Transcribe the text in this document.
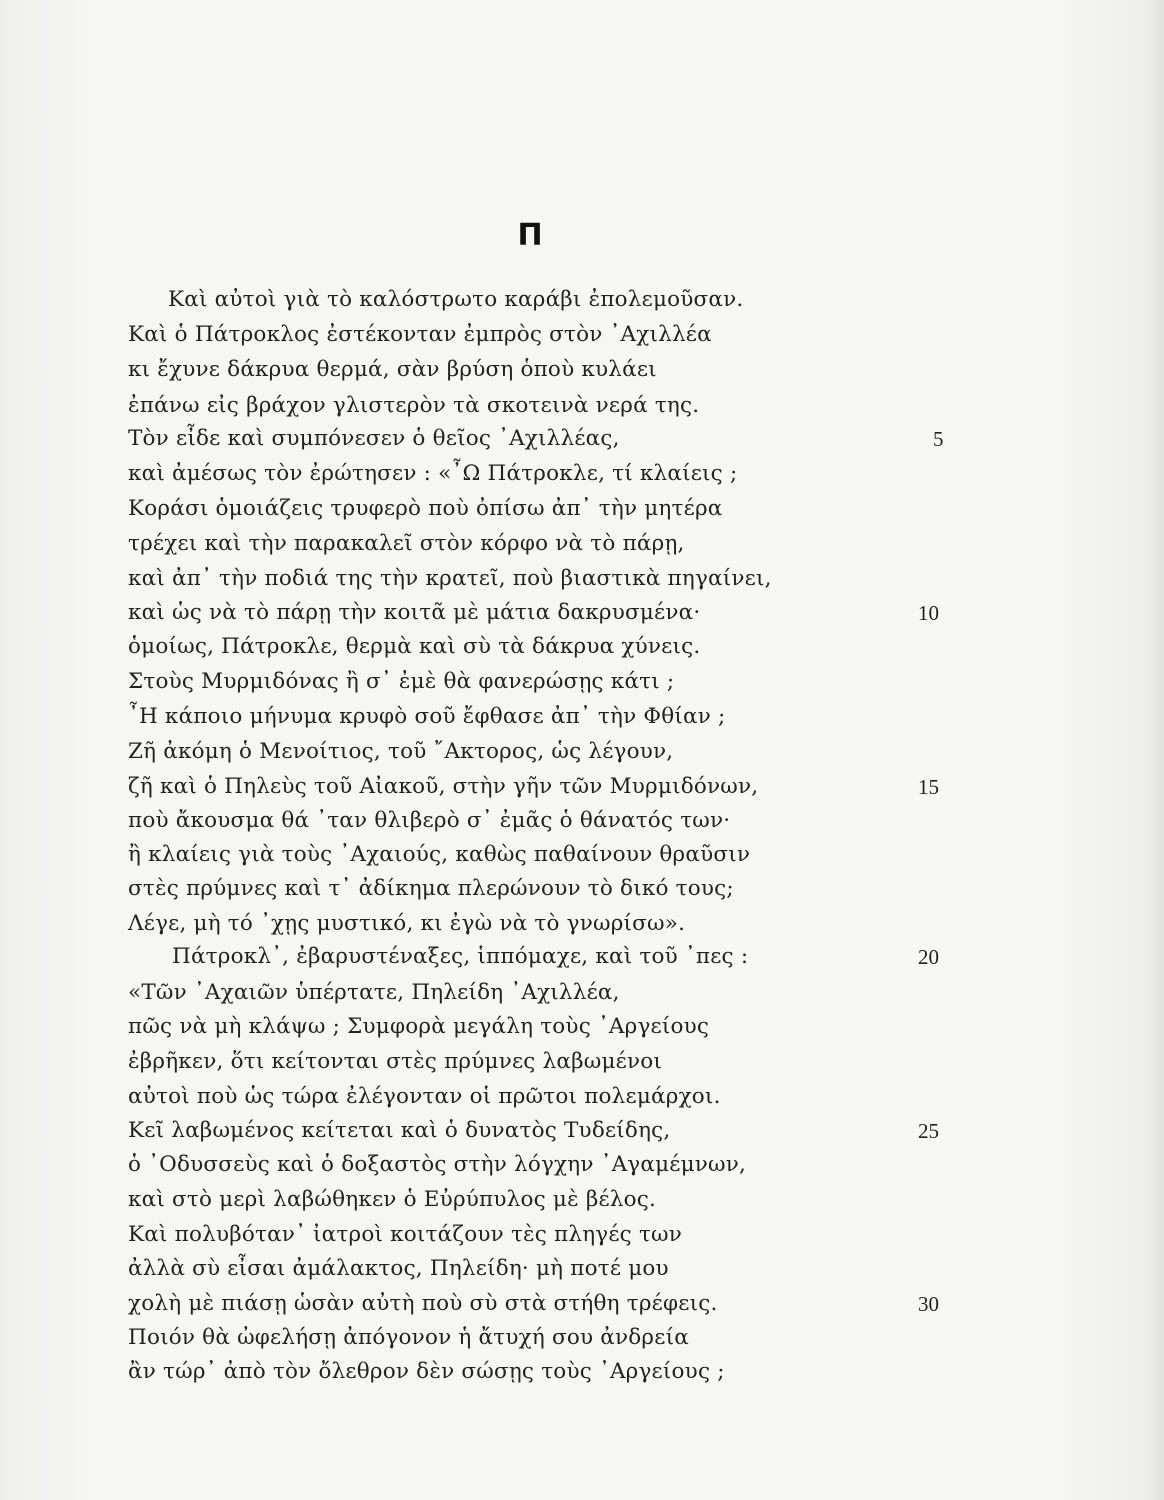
Π
Καὶ αὐτοὶ γιὰ τὸ καλόστρωτο καράβι ἐπολεμοῦσαν.
Καὶ ὁ Πάτροκλος ἐστέκονταν ἐμπρὸς στὸν ᾿Αχιλλέα
κι ἔχυνε δάκρυα θερμά, σὰν βρύση ὁποὺ κυλάει
ἐπάνω εἰς βράχον γλιστερὸν τὰ σκοτεινὰ νερά της.
Τὸν εἶδε καὶ συμπόνεσεν ὁ θεῖος ᾿Αχιλλέας,
καὶ ἀμέσως τὸν ἐρώτησεν : «῏Ω Πάτροκλε, τί κλαίεις ;
Κοράσι ὁμοιάζεις τρυφερὸ ποὺ ὀπίσω ἀπ᾿ τὴν μητέρα
τρέχει καὶ τὴν παρακαλεῖ στὸν κόρφο νὰ τὸ πάρῃ,
καὶ ἀπ᾿ τὴν ποδιά της τὴν κρατεῖ, ποὺ βιαστικὰ πηγαίνει,
καὶ ὡς νὰ τὸ πάρῃ τὴν κοιτᾶ μὲ μάτια δακρυσμένα·
ὁμοίως, Πάτροκλε, θερμὰ καὶ σὺ τὰ δάκρυα χύνεις.
Στοὺς Μυρμιδόνας ἢ σ᾿ ἐμὲ θὰ φανερώσῃς κάτι ;
῏Η κάποιο μήνυμα κρυφὸ σοῦ ἔφθασε ἀπ᾿ τὴν Φθίαν ;
Ζῆ ἀκόμη ὁ Μενοίτιος, τοῦ ῎Ακτορος, ὡς λέγουν,
ζῆ καὶ ὁ Πηλεὺς τοῦ Αἰακοῦ, στὴν γῆν τῶν Μυρμιδόνων,
ποὺ ἄκουσμα θά ᾿ταν θλιβερὸ σ᾿ ἐμᾶς ὁ θάνατός των·
ἢ κλαίεις γιὰ τοὺς ᾿Αχαιούς, καθὼς παθαίνουν θραῦσιν
στὲς πρύμνες καὶ τ᾿ ἀδίκημα πλερώνουν τὸ δικό τους;
Λέγε, μὴ τό ᾿χῃς μυστικό, κι ἐγὼ νὰ τὸ γνωρίσω».
Πάτροκλ᾿, ἐβαρυστέναξες, ἱππόμαχε, καὶ τοῦ ᾿πες :
«Τῶν ᾿Αχαιῶν ὑπέρτατε, Πηλείδη ᾿Αχιλλέα,
πῶς νὰ μὴ κλάψω ; Συμφορὰ μεγάλη τοὺς ᾿Αργείους
ἐβρῆκεν, ὅτι κείτονται στὲς πρύμνες λαβωμένοι
αὐτοὶ ποὺ ὡς τώρα ἐλέγονταν οἱ πρῶτοι πολεμάρχοι.
Κεῖ λαβωμένος κείτεται καὶ ὁ δυνατὸς Τυδείδης,
ὁ ᾿Οδυσσεὺς καὶ ὁ δοξαστὸς στὴν λόγχην ᾿Αγαμέμνων,
καὶ στὸ μερὶ λαβώθηκεν ὁ Εὐρύπυλος μὲ βέλος.
Καὶ πολυβόταν᾿ ἰατροὶ κοιτάζουν τὲς πληγές των
ἀλλὰ σὺ εἶσαι ἀμάλακτος, Πηλείδη· μὴ ποτέ μου
χολὴ μὲ πιάσῃ ὡσὰν αὐτὴ ποὺ σὺ στὰ στήθη τρέφεις.
Ποιόν θὰ ὠφελήσῃ ἀπόγονον ἡ ἄτυχή σου ἀνδρεία
ἂν τώρ᾿ ἀπὸ τὸν ὄλεθρον δὲν σώσῃς τοὺς ᾿Αργείους ;
5
10
15
20
25
30
